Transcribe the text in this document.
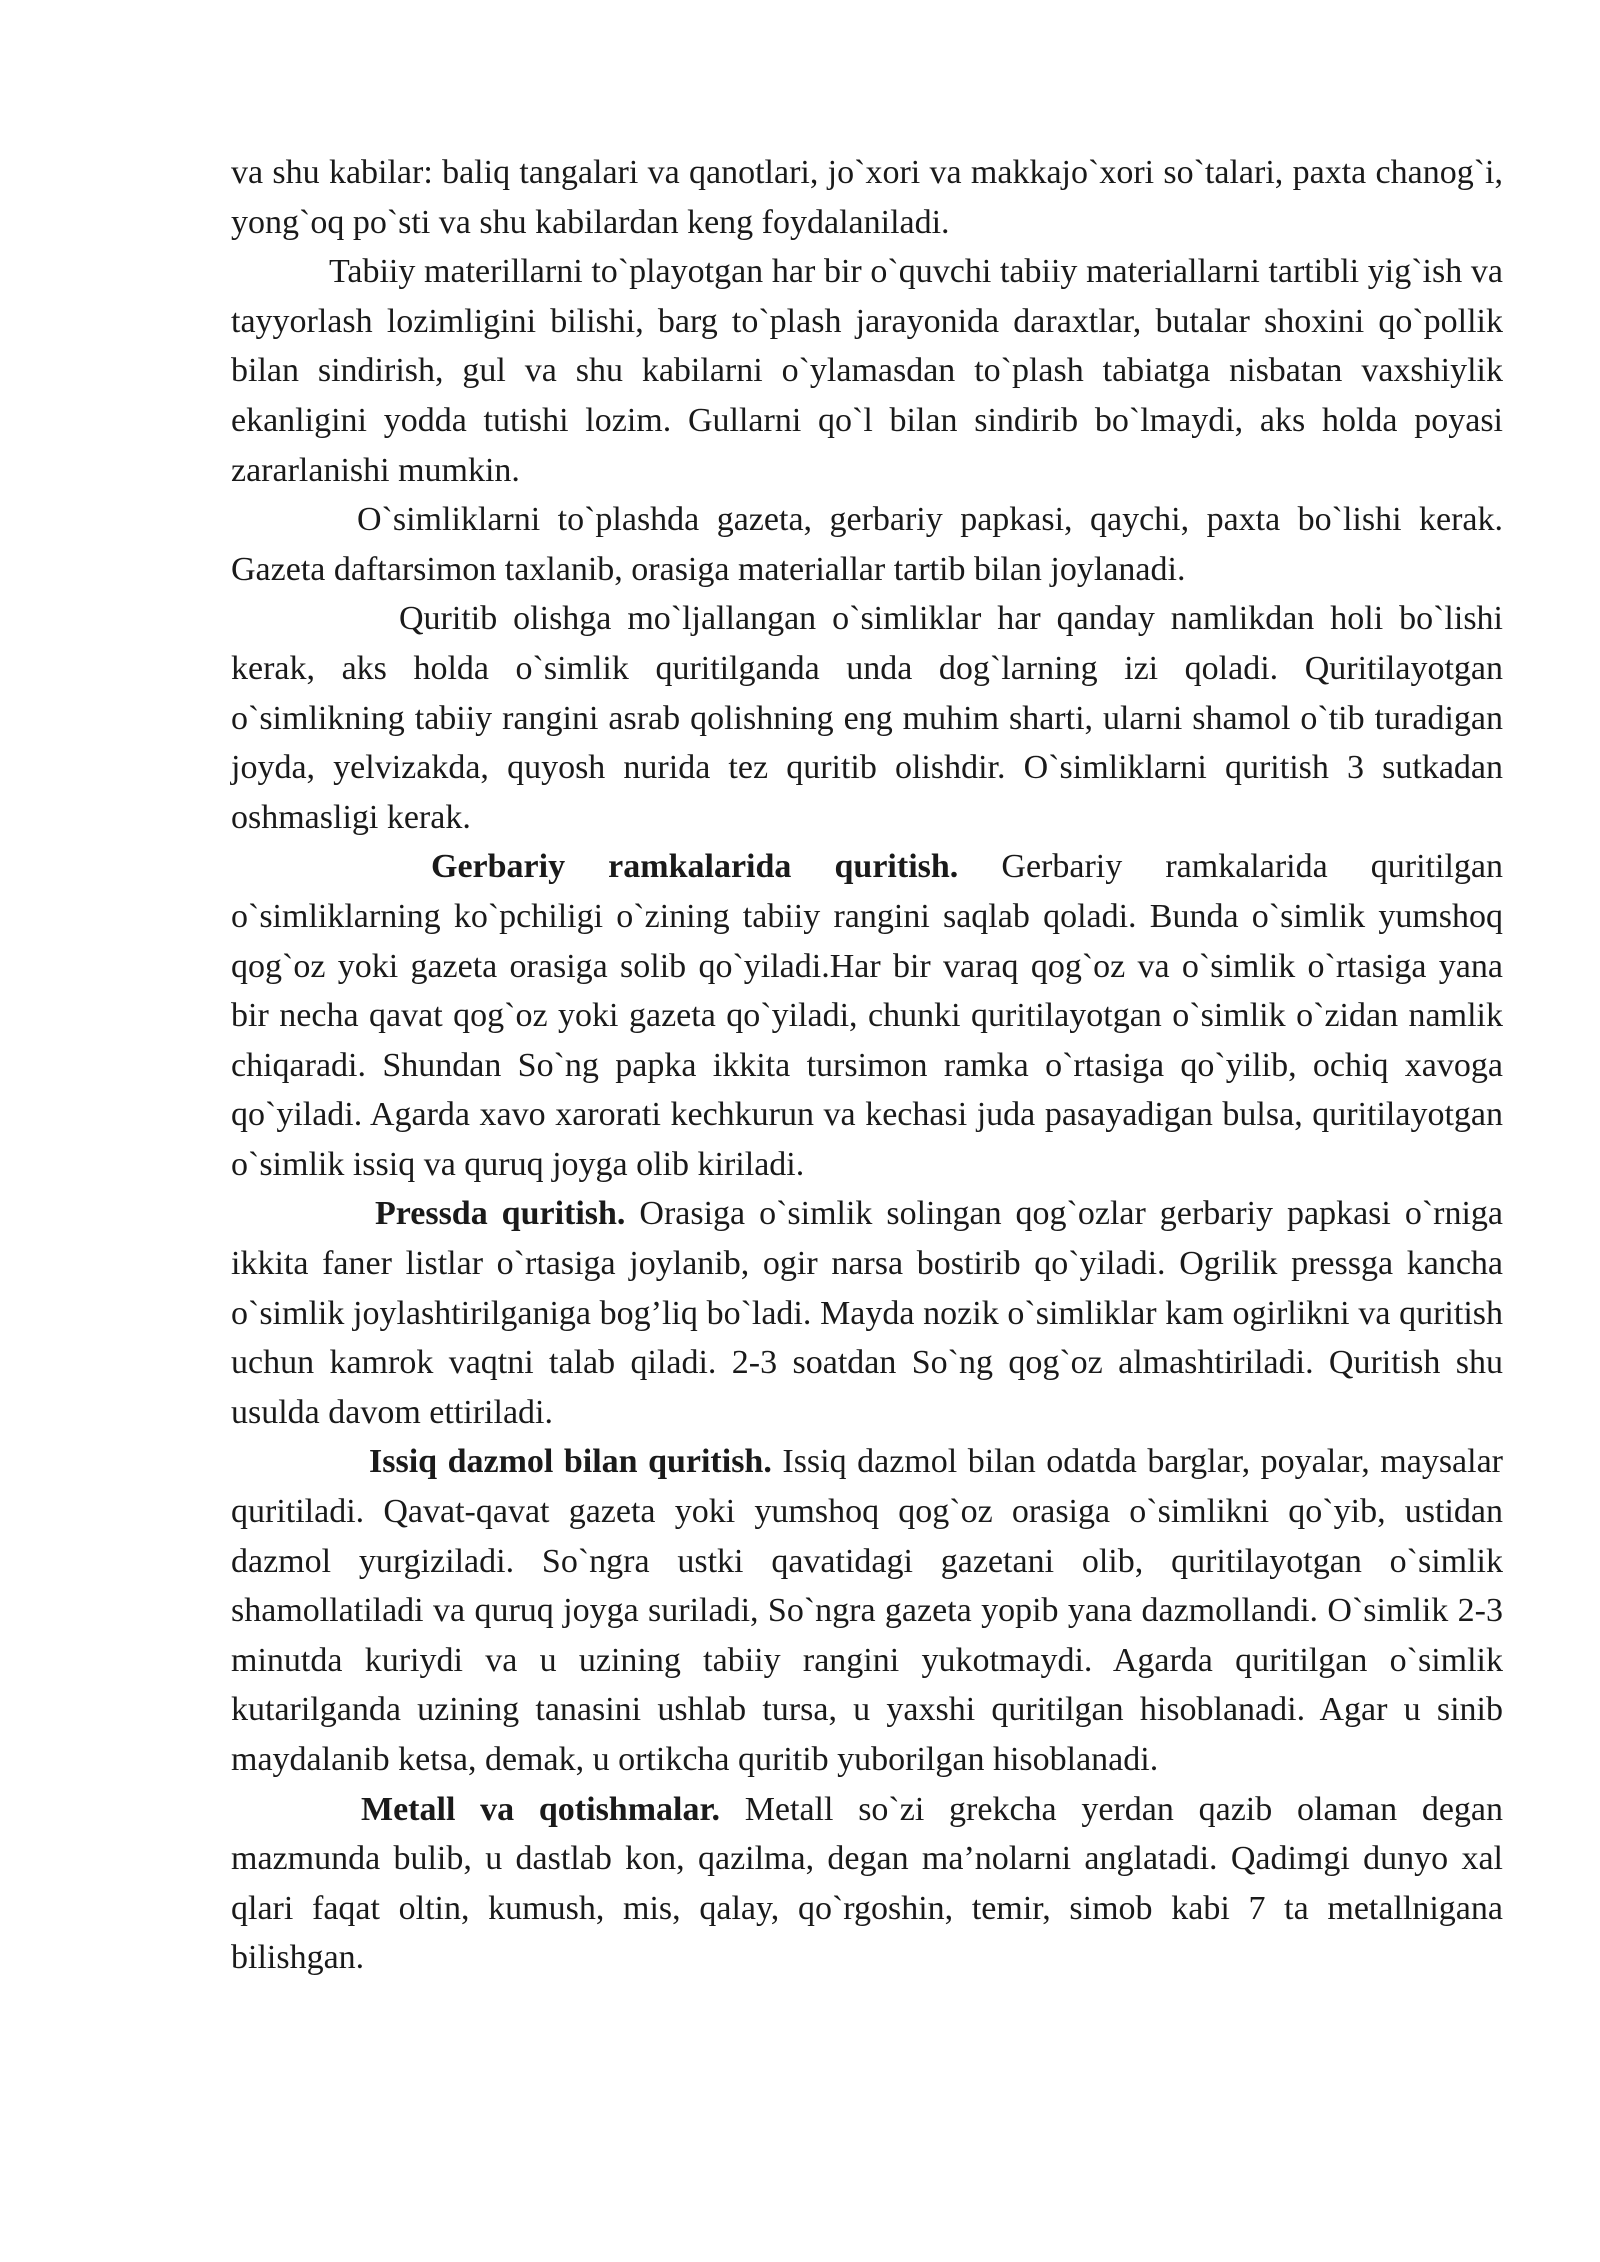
va shu kabilar: baliq tangalari va qanotlari, jo`xori va makkajo`xori so`talari, paxta chanog`i, yong`oq po`sti va shu kabilardan keng foydalaniladi.

Tabiiy materillarni to`playotgan har bir o`quvchi tabiiy materiallarni tartibli yig`ish va tayyorlash lozimligini bilishi, barg to`plash jarayonida daraxtlar, butalar shoxini qo`pollik bilan sindirish, gul va shu kabilarni o`ylamasdan to`plash tabiatga nisbatan vaxshiylik ekanligini yodda tutishi lozim. Gullarni qo`l bilan sindirib bo`lmaydi, aks holda poyasi zararlanishi mumkin.

O`simliklarni to`plashda gazeta, gerbariy papkasi, qaychi, paxta bo`lishi kerak. Gazeta daftarsimon taxlanib, orasiga materiallar tartib bilan joylanadi.

Quritib olishga mo`ljallangan o`simliklar har qanday namlikdan holi bo`lishi kerak, aks holda o`simlik quritilganda unda dog`larning izi qoladi. Quritilayotgan o`simlikning tabiiy rangini asrab qolishning eng muhim sharti, ularni shamol o`tib turadigan joyda, yelvizakda, quyosh nurida tez quritib olishdir. O`simliklarni quritish 3 sutkadan oshmasligi kerak.

Gerbariy ramkalarida quritish. Gerbariy ramkalarida quritilgan o`simliklarning ko`pchiligi o`zining tabiiy rangini saqlab qoladi. Bunda o`simlik yumshoq qog`oz yoki gazeta orasiga solib qo`yiladi.Har bir varaq qog`oz va o`simlik o`rtasiga yana bir necha qavat qog`oz yoki gazeta qo`yiladi, chunki quritilayotgan o`simlik o`zidan namlik chiqaradi. Shundan So`ng papka ikkita tursimon ramka o`rtasiga qo`yilib, ochiq xavoga qo`yiladi. Agarda xavo xarorati kechkurun va kechasi juda pasayadigan bulsa, quritilayotgan o`simlik issiq va quruq joyga olib kiriladi.

Pressda quritish. Orasiga o`simlik solingan qog`ozlar gerbariy papkasi o`rniga ikkita faner listlar o`rtasiga joylanib, ogir narsa bostirib qo`yiladi. Ogrilik pressga kancha o`simlik joylashtirilganiga bog’liq bo`ladi. Mayda nozik o`simliklar kam ogirlikni va quritish uchun kamrok vaqtni talab qiladi. 2-3 soatdan So`ng qog`oz almashtiriladi. Quritish shu usulda davom ettiriladi.

Issiq dazmol bilan quritish. Issiq dazmol bilan odatda barglar, poyalar, maysalar quritiladi. Qavat-qavat gazeta yoki yumshoq qog`oz orasiga o`simlikni qo`yib, ustidan dazmol yurgiziladi. So`ngra ustki qavatidagi gazetani olib, quritilayotgan o`simlik shamollatiladi va quruq joyga suriladi, So`ngra gazeta yopib yana dazmollandi. O`simlik 2-3 minutda kuriydi va u uzining tabiiy rangini yukotmaydi. Agarda quritilgan o`simlik kutarilganda uzining tanasini ushlab tursa, u yaxshi quritilgan hisoblanadi. Agar u sinib maydalanib ketsa, demak, u ortikcha quritib yuborilgan hisoblanadi.

Metall va qotishmalar. Metall so`zi grekcha yerdan qazib olaman degan mazmunda bulib, u dastlab kon, qazilma, degan ma’nolarni anglatadi. Qadimgi dunyo xal qlari faqat oltin, kumush, mis, qalay, qo`rgoshin, temir, simob kabi 7 ta metallnigana bilishgan.
